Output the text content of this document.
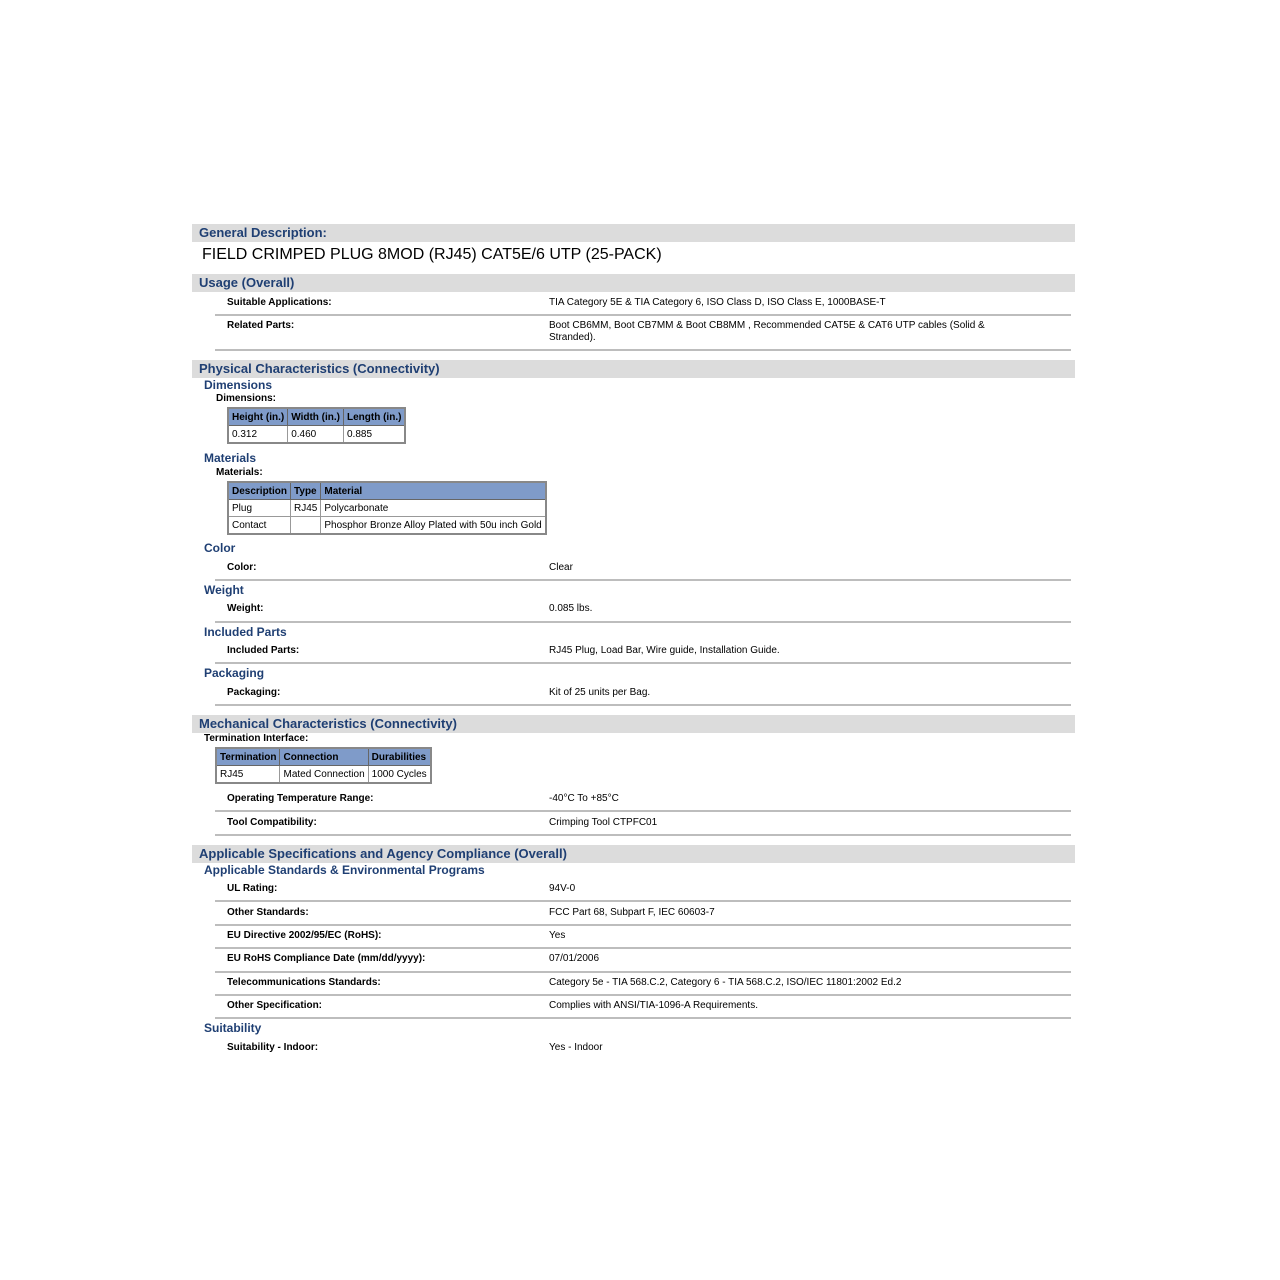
General Description:
FIELD CRIMPED PLUG 8MOD (RJ45) CAT5E/6 UTP (25-PACK)
Usage (Overall)
Suitable Applications:	TIA Category 5E & TIA Category 6, ISO Class D, ISO Class E, 1000BASE-T
Related Parts:	Boot CB6MM, Boot CB7MM & Boot CB8MM , Recommended CAT5E & CAT6 UTP cables (Solid & Stranded).
Physical Characteristics (Connectivity)
Dimensions
Dimensions:
Height (in.)	Width (in.)	Length (in.)
0.312	0.460	0.885
Materials
Materials:
Description	Type	Material
Plug	RJ45	Polycarbonate
Contact		Phosphor Bronze Alloy Plated with 50u inch Gold
Color
Color:	Clear
Weight
Weight:	0.085 lbs.
Included Parts
Included Parts:	RJ45 Plug, Load Bar, Wire guide, Installation Guide.
Packaging
Packaging:	Kit of 25 units per Bag.
Mechanical Characteristics (Connectivity)
Termination Interface:
Termination	Connection	Durabilities
RJ45	Mated Connection	1000 Cycles
Operating Temperature Range:	-40°C To +85°C
Tool Compatibility:	Crimping Tool CTPFC01
Applicable Specifications and Agency Compliance (Overall)
Applicable Standards & Environmental Programs
UL Rating:	94V-0
Other Standards:	FCC Part 68, Subpart F, IEC 60603-7
EU Directive 2002/95/EC (RoHS):	Yes
EU RoHS Compliance Date (mm/dd/yyyy):	07/01/2006
Telecommunications Standards:	Category 5e - TIA 568.C.2, Category 6 - TIA 568.C.2, ISO/IEC 11801:2002 Ed.2
Other Specification:	Complies with ANSI/TIA-1096-A Requirements.
Suitability
Suitability - Indoor:	Yes - Indoor
